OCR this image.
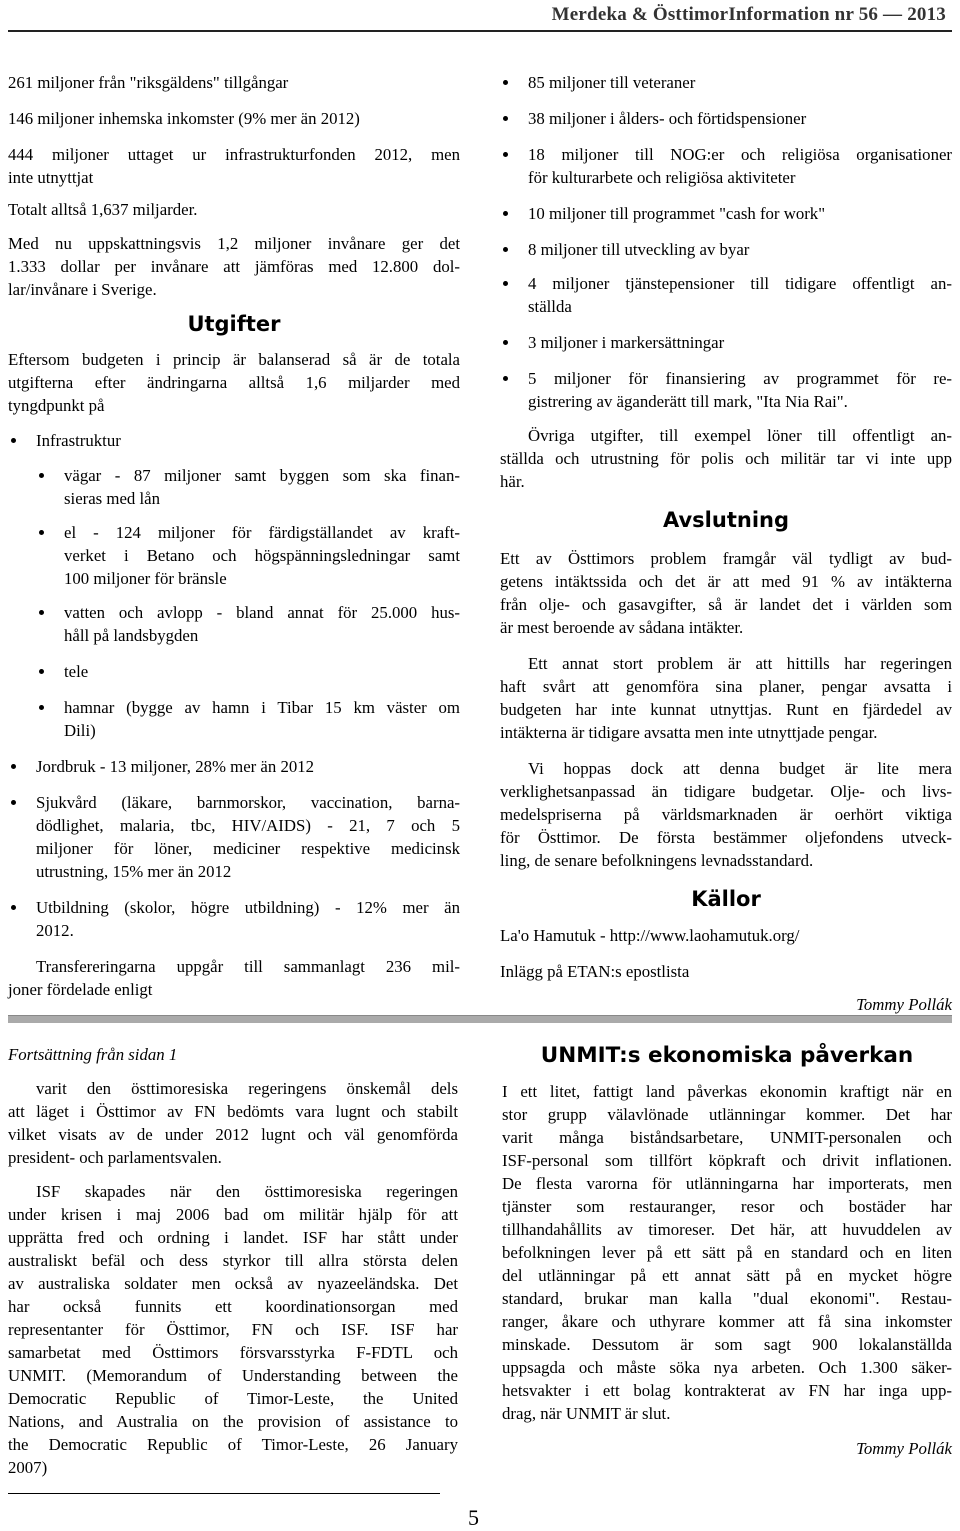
Merdeka & ÖsttimorInformation nr 56 — 2013

261 miljoner från "riksgäldens" tillgångar

146 miljoner inhemska inkomster (9% mer än 2012)

444 miljoner uttaget ur infrastrukturfonden 2012, men
inte utnyttjat

Totalt alltså 1,637 miljarder.

Med nu uppskattningsvis 1,2 miljoner invånare ger det
1.333 dollar per invånare att jämföras med 12.800 dol-
lar/invånare i Sverige.

Utgifter

Eftersom budgeten i princip är balanserad så är de totala
utgifterna efter ändringarna alltså 1,6 miljarder med
tyngdpunkt på

Infrastruktur
vägar - 87 miljoner samt byggen som ska finan-
sieras med lån
el - 124 miljoner för färdigställandet av kraft-
verket i Betano och högspänningsledningar samt
100 miljoner för bränsle
vatten och avlopp - bland annat för 25.000 hus-
håll på landsbygden
tele
hamnar (bygge av hamn i Tibar 15 km väster om
Dili)
Jordbruk - 13 miljoner, 28% mer än 2012
Sjukvård (läkare, barnmorskor, vaccination, barna-
dödlighet, malaria, tbc, HIV/AIDS) - 21, 7 och 5
miljoner för löner, mediciner respektive medicinsk
utrustning, 15% mer än 2012
Utbildning (skolor, högre utbildning) - 12% mer än
2012.

Transfereringarna uppgår till sammanlagt 236 mil-
joner fördelade enligt

85 miljoner till veteraner
38 miljoner i ålders- och förtidspensioner
18 miljoner till NOG:er och religiösa organisationer
för kulturarbete och religiösa aktiviteter
10 miljoner till programmet "cash for work"
8 miljoner till utveckling av byar
4 miljoner tjänstepensioner till tidigare offentligt an-
ställda
3 miljoner i markersättningar
5 miljoner för finansiering av programmet för re-
gistrering av äganderätt till mark, "Ita Nia Rai".

Övriga utgifter, till exempel löner till offentligt an-
ställda och utrustning för polis och militär tar vi inte upp
här.

Avslutning

Ett av Östtimors problem framgår väl tydligt av bud-
getens intäktssida och det är att med 91 % av intäkterna
från olje- och gasavgifter, så är landet det i världen som
är mest beroende av sådana intäkter.

Ett annat stort problem är att hittills har regeringen
haft svårt att genomföra sina planer, pengar avsatta i
budgeten har inte kunnat utnyttjas. Runt en fjärdedel av
intäkterna är tidigare avsatta men inte utnyttjade pengar.

Vi hoppas dock att denna budget är lite mera
verklighetsanpassad än tidigare budgetar. Olje- och livs-
medelspriserna på världsmarknaden är oerhört viktiga
för Östtimor. De första bestämmer oljefondens utveck-
ling, de senare befolkningens levnadsstandard.

Källor

La'o Hamutuk - http://www.laohamutuk.org/

Inlägg på ETAN:s epostlista

Tommy Pollák

Fortsättning från sidan 1

varit den östtimoresiska regeringens önskemål dels
att läget i Östtimor av FN bedömts vara lugnt och stabilt
vilket visats av de under 2012 lugnt och väl genomförda
president- och parlamentsvalen.

ISF skapades när den östtimoresiska regeringen
under krisen i maj 2006 bad om militär hjälp för att
upprätta fred och ordning i landet. ISF har stått under
australiskt befäl och dess styrkor till allra största delen
av australiska soldater men också av nyazeeländska. Det
har också funnits ett koordinationsorgan med
representanter för Östtimor, FN och ISF. ISF har
samarbetat med Östtimors försvarsstyrka F-FDTL och
UNMIT. (Memorandum of Understanding between the
Democratic Republic of Timor-Leste, the United
Nations, and Australia on the provision of assistance to
the Democratic Republic of Timor-Leste, 26 January
2007)

5

UNMIT:s ekonomiska påverkan

I ett litet, fattigt land påverkas ekonomin kraftigt när en
stor grupp välavlönade utlänningar kommer. Det har
varit många biståndsarbetare, UNMIT-personalen och
ISF-personal som tillfört köpkraft och drivit inflationen.
De flesta varorna för utlänningarna har importerats, men
tjänster som restauranger, resor och bostäder har
tillhandahållits av timoreser. Det här, att huvuddelen av
befolkningen lever på ett sätt på en standard och en liten
del utlänningar på ett annat sätt på en mycket högre
standard, brukar man kalla "dual ekonomi". Restau-
ranger, åkare och uthyrare kommer att få sina inkomster
minskade. Dessutom är som sagt 900 lokalanställda
uppsagda och måste söka nya arbeten. Och 1.300 säker-
hetsvakter i ett bolag kontrakterat av FN har inga upp-
drag, när UNMIT är slut.

Tommy Pollák
